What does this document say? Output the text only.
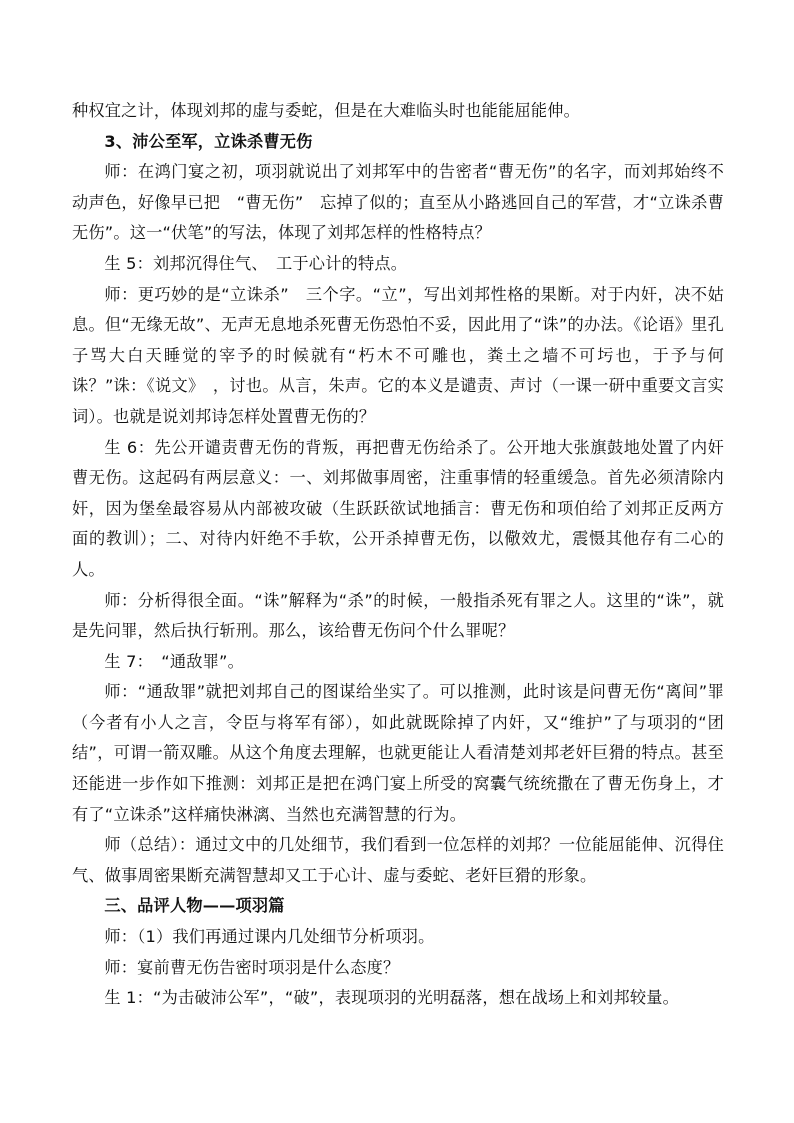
种权宜之计，体现刘邦的虚与委蛇，但是在大难临头时也能能屈能伸。

3、沛公至军，立诛杀曹无伤

师：在鸿门宴之初，项羽就说出了刘邦军中的告密者“曹无伤”的名字，而刘邦始终不动声色，好像早已把　“曹无伤”　忘掉了似的；直至从小路逃回自己的军营，才“立诛杀曹无伤”。这一“伏笔”的写法，体现了刘邦怎样的性格特点？

生 5：刘邦沉得住气、　工于心计的特点。

师：更巧妙的是“立诛杀”　三个字。“立”，写出刘邦性格的果断。对于内奸，决不姑息。但“无缘无故”、无声无息地杀死曹无伤恐怕不妥，因此用了“诛”的办法。《论语》里孔子骂大白天睡觉的宰予的时候就有“朽木不可雕也，粪土之墙不可圬也，于予与何诛？”诛：《说文》　，讨也。从言，朱声。它的本义是谴责、声讨（一课一研中重要文言实词）。也就是说刘邦诗怎样处置曹无伤的？

生 6：先公开谴责曹无伤的背叛，再把曹无伤给杀了。公开地大张旗鼓地处置了内奸曹无伤。这起码有两层意义：一、刘邦做事周密，注重事情的轻重缓急。首先必须清除内奸，因为堡垒最容易从内部被攻破（生跃跃欲试地插言：曹无伤和项伯给了刘邦正反两方面的教训）；二、对待内奸绝不手软，公开杀掉曹无伤，以儆效尤，震慑其他存有二心的人。

师：分析得很全面。“诛”解释为“杀”的时候，一般指杀死有罪之人。这里的“诛”，就是先问罪，然后执行斩刑。那么，该给曹无伤问个什么罪呢？

生 7：　“通敌罪”。

师：“通敌罪”就把刘邦自己的图谋给坐实了。可以推测，此时该是问曹无伤“离间”罪（今者有小人之言，令臣与将军有郤），如此就既除掉了内奸，又“维护”了与项羽的“团结”，可谓一箭双雕。从这个角度去理解，也就更能让人看清楚刘邦老奸巨猾的特点。甚至还能进一步作如下推测：刘邦正是把在鸿门宴上所受的窝囊气统统撒在了曹无伤身上，才有了“立诛杀”这样痛快淋漓、当然也充满智慧的行为。

师（总结）：通过文中的几处细节，我们看到一位怎样的刘邦？一位能屈能伸、沉得住气、做事周密果断充满智慧却又工于心计、虚与委蛇、老奸巨猾的形象。

三、品评人物——项羽篇

师：（1）我们再通过课内几处细节分析项羽。

师：宴前曹无伤告密时项羽是什么态度？

生 1：“为击破沛公军”，“破”，表现项羽的光明磊落，想在战场上和刘邦较量。
